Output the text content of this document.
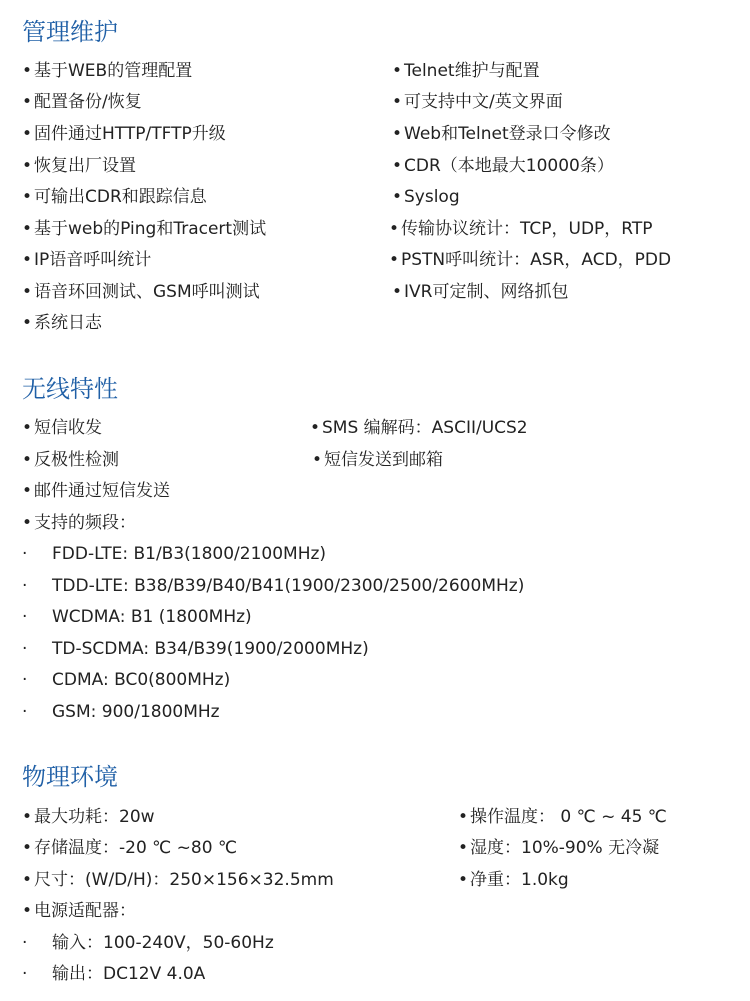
管理维护
• 基于WEB的管理配置
• 配置备份/恢复
• 固件通过HTTP/TFTP升级
• 恢复出厂设置
• 可输出CDR和跟踪信息
• 基于web的Ping和Tracert测试
• IP语音呼叫统计
• 语音环回测试、GSM呼叫测试
• 系统日志
• Telnet维护与配置
• 可支持中文/英文界面
• Web和Telnet登录口令修改
• CDR（本地最大10000条）
• Syslog
• 传输协议统计：TCP，UDP，RTP
• PSTN呼叫统计：ASR，ACD，PDD
• IVR可定制、网络抓包
无线特性
• 短信收发
• 反极性检测
• 邮件通过短信发送
• 支持的频段：
• SMS 编解码：ASCII/UCS2
• 短信发送到邮箱
· FDD-LTE: B1/B3(1800/2100MHz)
· TDD-LTE: B38/B39/B40/B41(1900/2300/2500/2600MHz)
· WCDMA: B1 (1800MHz)
· TD-SCDMA: B34/B39(1900/2000MHz)
· CDMA: BC0(800MHz)
· GSM: 900/1800MHz
物理环境
• 最大功耗：20w
• 存储温度：-20 ℃ ~80 ℃
• 尺寸：(W/D/H)：250×156×32.5mm
• 电源适配器：
• 操作温度： 0 ℃ ~ 45 ℃
• 湿度：10%-90% 无冷凝
• 净重：1.0kg
· 输入：100-240V，50-60Hz
· 输出：DC12V 4.0A
